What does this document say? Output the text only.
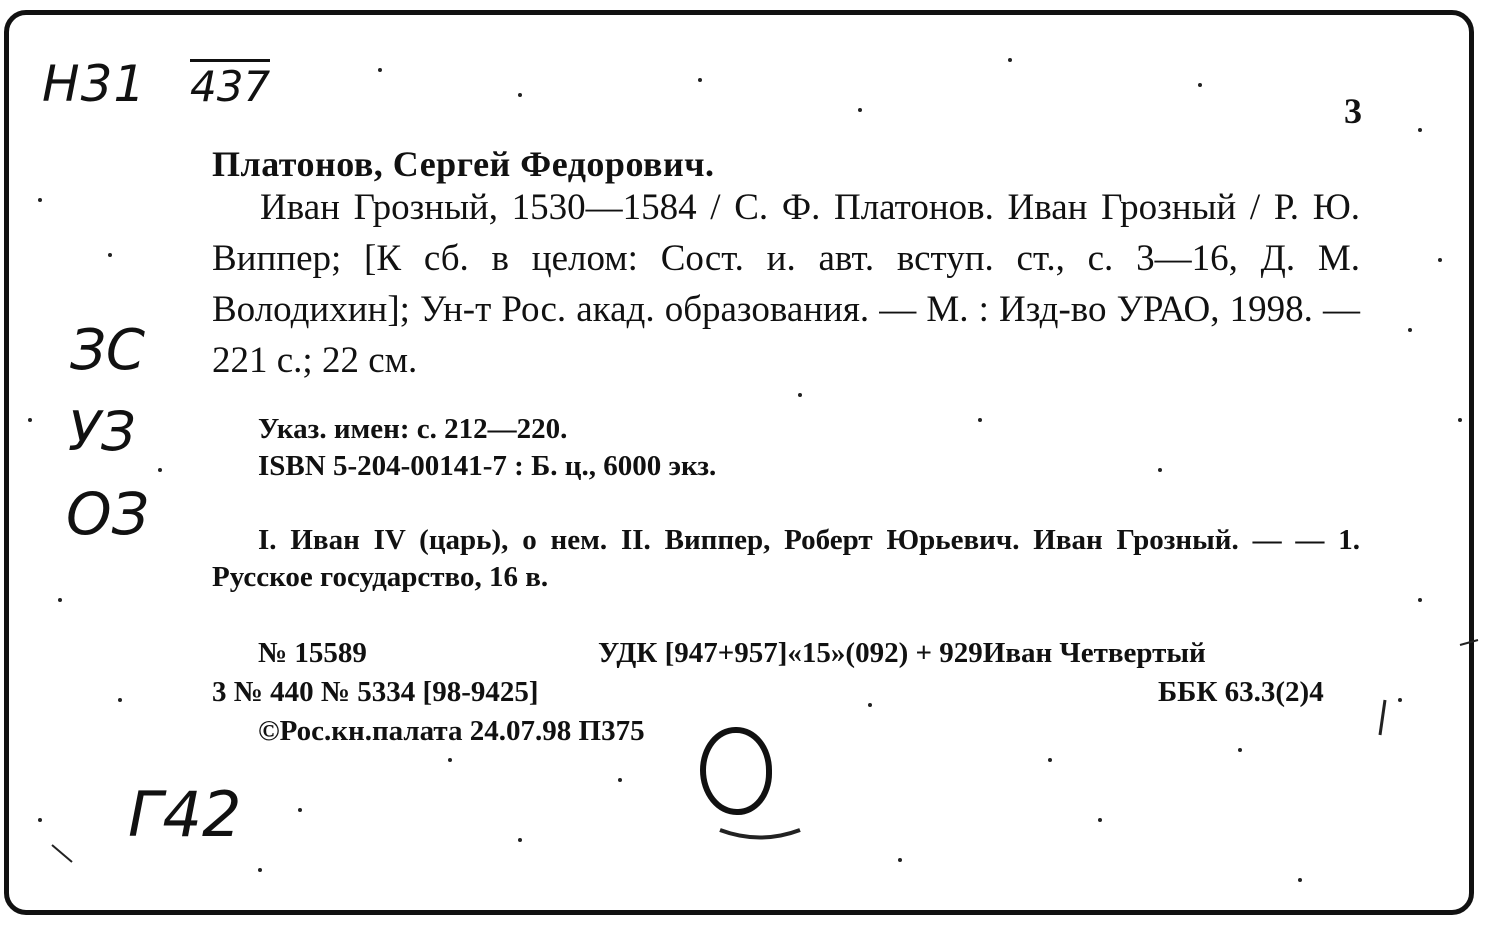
Н31 437
ЗС
УЗ
ОЗ
Г42
3
Платонов, Сергей Федорович.

Иван Грозный, 1530—1584 / С. Ф. Платонов. Иван Грозный / Р. Ю. Виппер; [К сб. в целом: Сост. и. авт. вступ. ст., с. 3—16, Д. М. Володихин]; Ун-т Рос. акад. образования. — М. : Изд-во УРАО, 1998. — 221 с.; 22 см.

Указ. имен: с. 212—220.
ISBN 5-204-00141-7 : Б. ц., 6000 экз.

I. Иван IV (царь), о нем. II. Виппер, Роберт Юрьевич. Иван Грозный. — — 1. Русское государство, 16 в.

№ 15589	УДК [947+957]«15»(092) + 929Иван Четвертый
3 № 440 № 5334 [98-9425]	ББК 63.3(2)4
©Рос.кн.палата 24.07.98 П375
